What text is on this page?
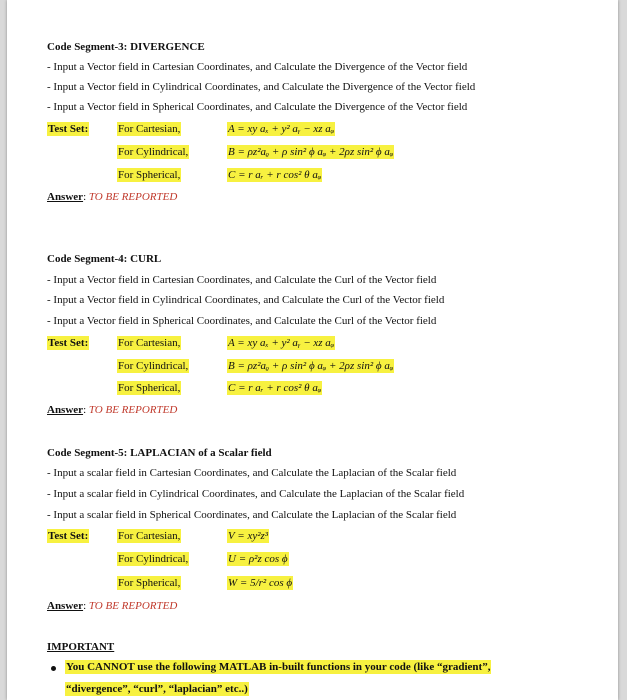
Code Segment-3: DIVERGENCE
- Input a Vector field in Cartesian Coordinates, and Calculate the Divergence of the Vector field
- Input a Vector field in Cylindrical Coordinates, and Calculate the Divergence of the Vector field
- Input a Vector field in Spherical Coordinates, and Calculate the Divergence of the Vector field
Test Set:	For Cartesian,	A = xy aₓ + y² aᵧ − xz aᵩ
For Cylindrical,	B = ρz²aᵨ + ρ sin² ϕ aᵩ + 2ρz sin² ϕ aᵩ
For Spherical,	C = r aᵣ + r cos² θ aᵩ
Answer: TO BE REPORTED
Code Segment-4: CURL
- Input a Vector field in Cartesian Coordinates, and Calculate the Curl of the Vector field
- Input a Vector field in Cylindrical Coordinates, and Calculate the Curl of the Vector field
- Input a Vector field in Spherical Coordinates, and Calculate the Curl of the Vector field
Test Set:	For Cartesian,	A = xy aₓ + y² aᵧ − xz aᵩ
For Cylindrical,	B = ρz²aᵨ + ρ sin² ϕ aᵩ + 2ρz sin² ϕ aᵩ
For Spherical,	C = r aᵣ + r cos² θ aᵩ
Answer: TO BE REPORTED
Code Segment-5: LAPLACIAN of a Scalar field
- Input a scalar field in Cartesian Coordinates, and Calculate the Laplacian of the Scalar field
- Input a scalar field in Cylindrical Coordinates, and Calculate the Laplacian of the Scalar field
- Input a scalar field in Spherical Coordinates, and Calculate the Laplacian of the Scalar field
Test Set:	For Cartesian,	V = xy²z³
For Cylindrical,	U = ρ²z cos ϕ
For Spherical,	W = 5/r² cos ϕ
Answer: TO BE REPORTED
IMPORTANT
You CANNOT use the following MATLAB in-built functions in your code (like “gradient”,
“divergence”, “curl”, “laplacian” etc..)
